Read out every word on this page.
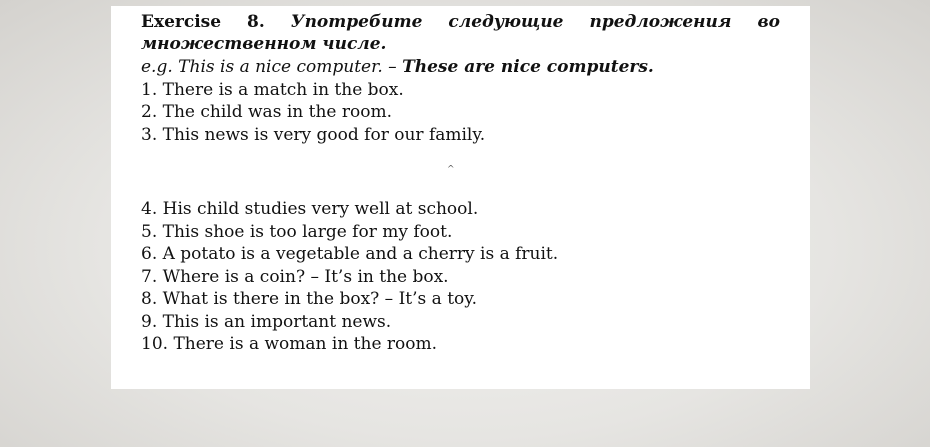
Exercise 8. Употребите следующие предложения во
множественном числе.
e.g. This is a nice computer. – These are nice computers.
1. There is a match in the box.
2. The child was in the room.
3. This news is very good for our family.
^
4. His child studies very well at school.
5. This shoe is too large for my foot.
6. A potato is a vegetable and a cherry is a fruit.
7. Where is a coin? – It’s in the box.
8. What is there in the box? – It’s a toy.
9. This is an important news.
10. There is a woman in the room.
